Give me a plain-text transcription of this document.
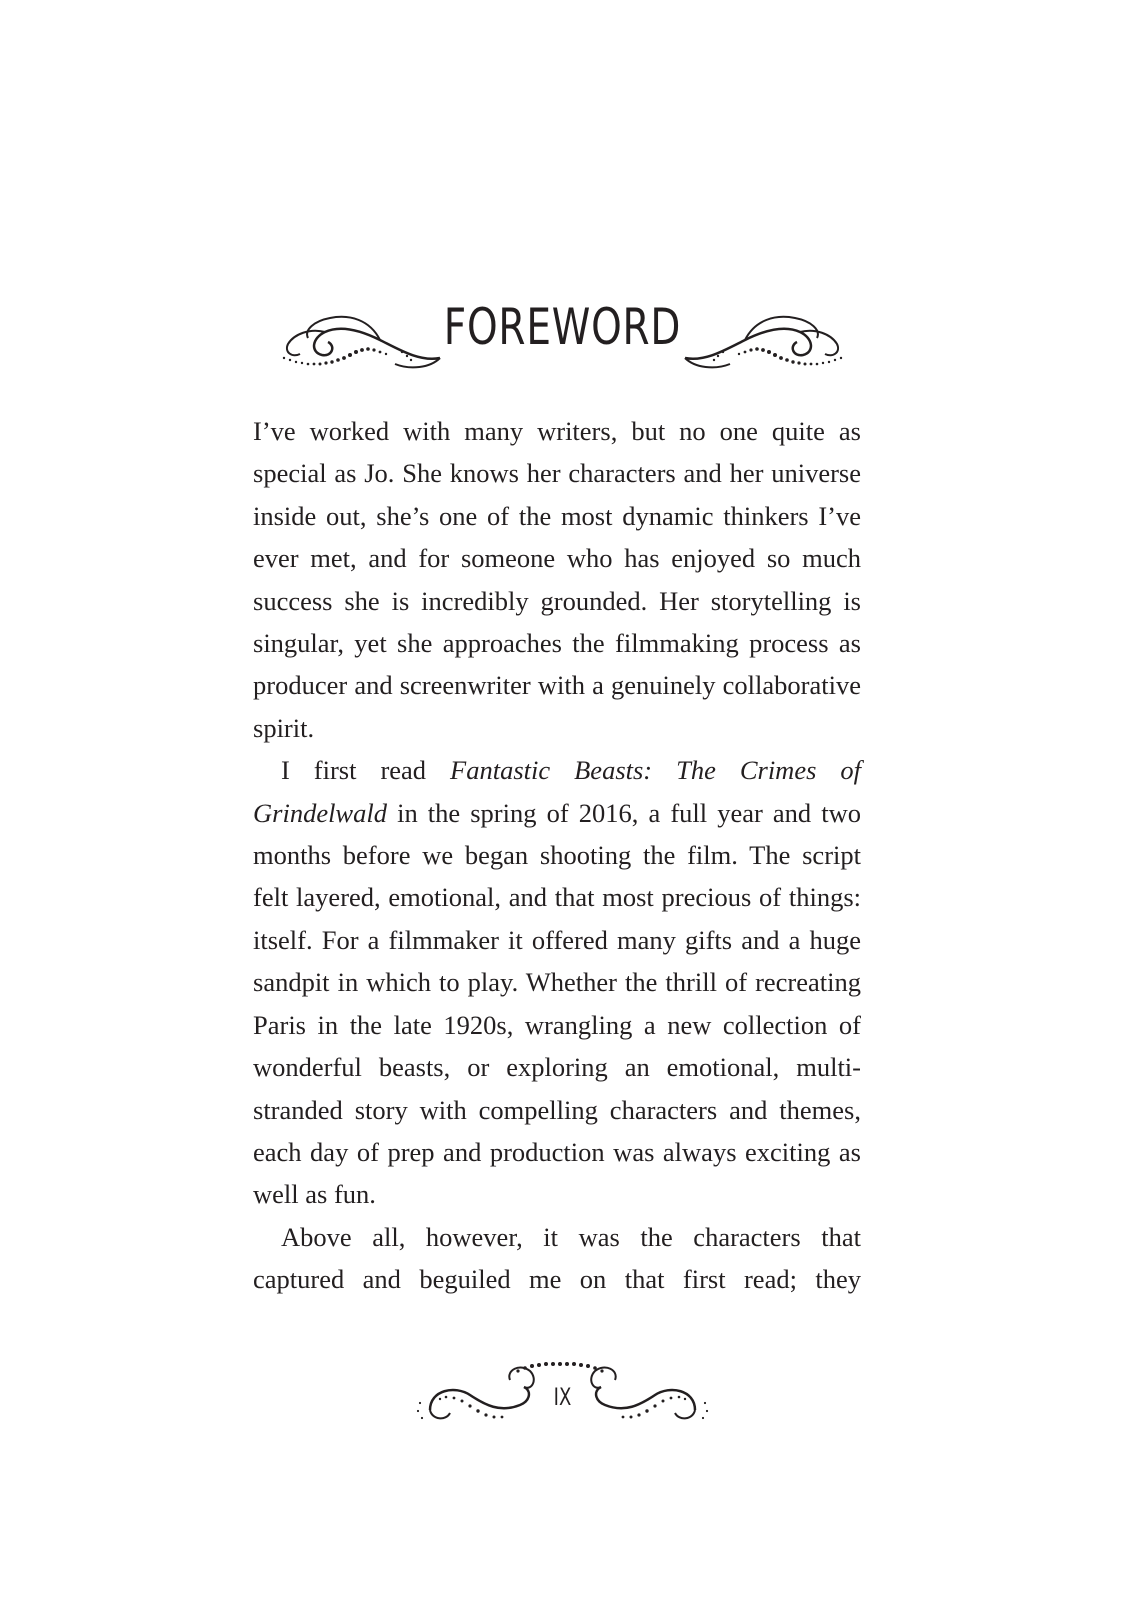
FOREWORD

I’ve worked with many writers, but no one quite as special as Jo. She knows her characters and her universe inside out, she’s one of the most dynamic thinkers I’ve ever met, and for someone who has enjoyed so much success she is incredibly grounded. Her storytelling is singular, yet she approaches the filmmaking process as producer and screenwriter with a genuinely collaborative spirit.

I first read Fantastic Beasts: The Crimes of Grindelwald in the spring of 2016, a full year and two months before we began shooting the film. The script felt layered, emotional, and that most precious of things: itself. For a filmmaker it offered many gifts and a huge sandpit in which to play. Whether the thrill of recreating Paris in the late 1920s, wrangling a new collection of wonderful beasts, or exploring an emotional, multi-stranded story with compelling characters and themes, each day of prep and production was always exciting as well as fun.

Above all, however, it was the characters that captured and beguiled me on that first read; they

IX
